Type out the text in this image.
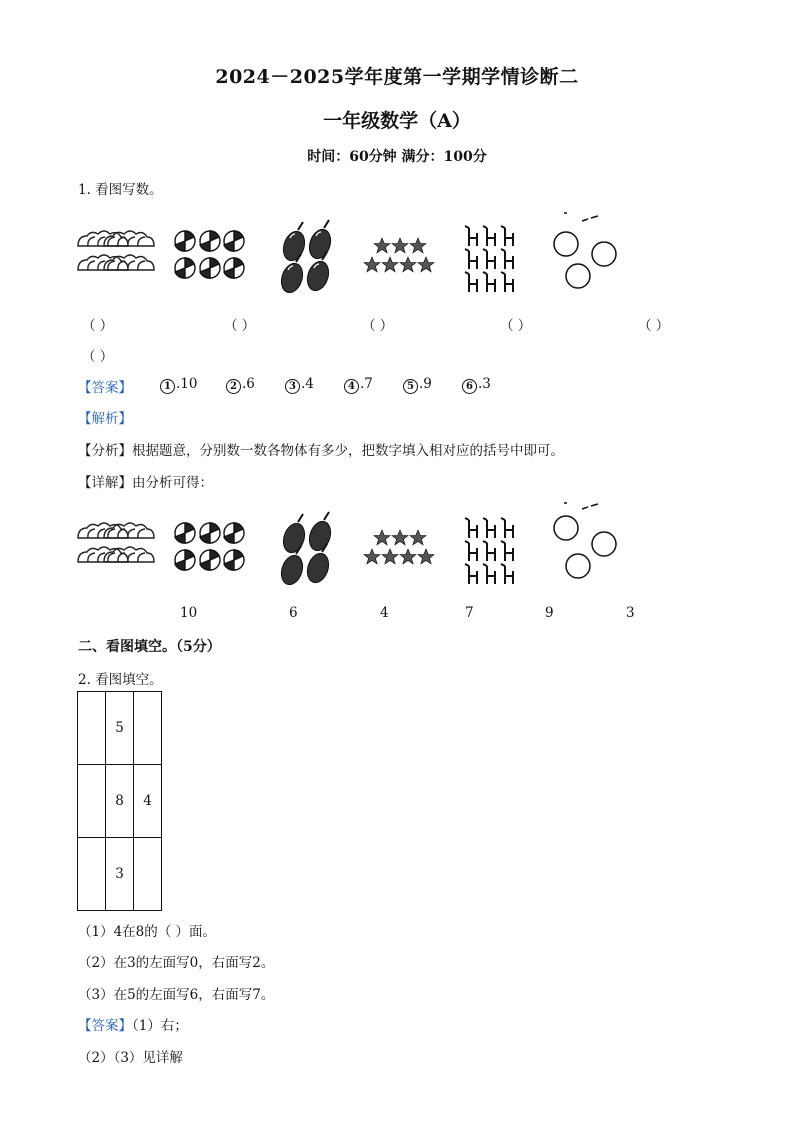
2024－2025学年度第一学期学情诊断二
一年级数学（A）
时间：60分钟 满分：100分
1. 看图写数。
（ ）	（ ）	（ ）	（ ）	（ ）
（ ）
【答案】	1 .10	2 .6	3 .4	4 .7	5 .9	6 .3
【解析】
【分析】根据题意，分别数一数各物体有多少，把数字填入相对应的括号中即可。
【详解】由分析可得：
10	6	4	7	9	3
二、看图填空。（5分）
2. 看图填空。
	5	
	8	4
	3	
（1）4在8的（ ）面。
（2）在3的左面写0，右面写2。
（3）在5的左面写6，右面写7。
【答案】（1）右；
（2）（3）见详解
